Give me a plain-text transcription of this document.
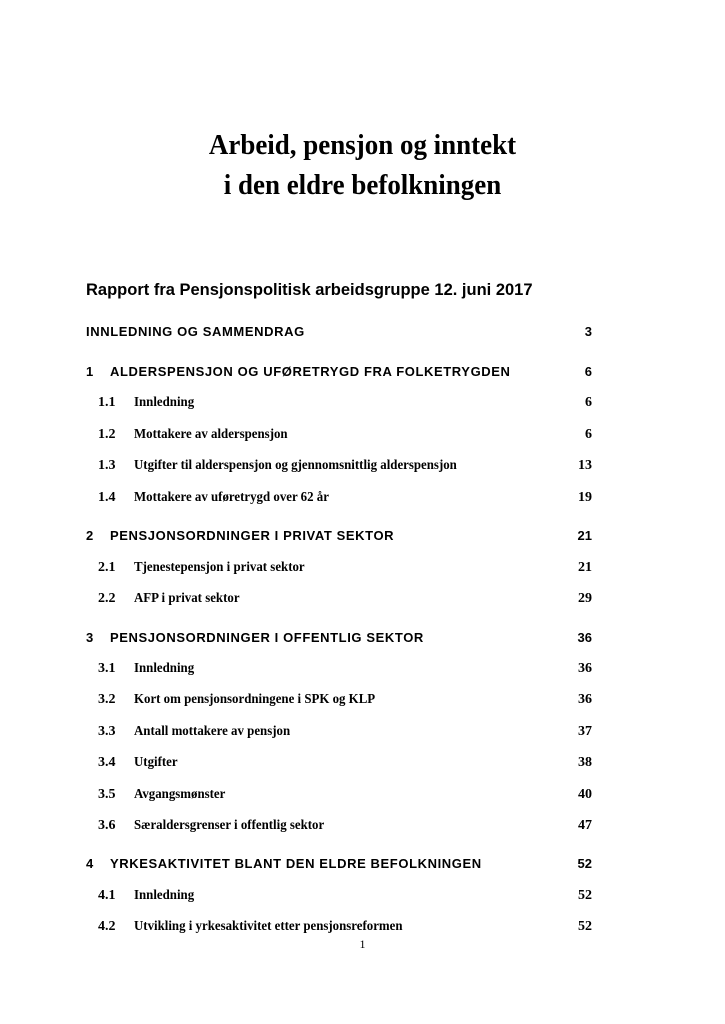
Arbeid, pensjon og inntekt
i den eldre befolkningen
Rapport fra Pensjonspolitisk arbeidsgruppe 12. juni 2017
INNLEDNING OG SAMMENDRAG	3
1 ALDERSPENSJON OG UFØRETRYGD FRA FOLKETRYGDEN	6
1.1 Innledning	6
1.2 Mottakere av alderspensjon	6
1.3 Utgifter til alderspensjon og gjennomsnittlig alderspensjon	13
1.4 Mottakere av uføretrygd over 62 år	19
2 PENSJONSORDNINGER I PRIVAT SEKTOR	21
2.1 Tjenestepensjon i privat sektor	21
2.2 AFP i privat sektor	29
3 PENSJONSORDNINGER I OFFENTLIG SEKTOR	36
3.1 Innledning	36
3.2 Kort om pensjonsordningene i SPK og KLP	36
3.3 Antall mottakere av pensjon	37
3.4 Utgifter	38
3.5 Avgangsmønster	40
3.6 Særaldersgrenser i offentlig sektor	47
4 YRKESAKTIVITET BLANT DEN ELDRE BEFOLKNINGEN	52
4.1 Innledning	52
4.2 Utvikling i yrkesaktivitet etter pensjonsreformen	52
1
